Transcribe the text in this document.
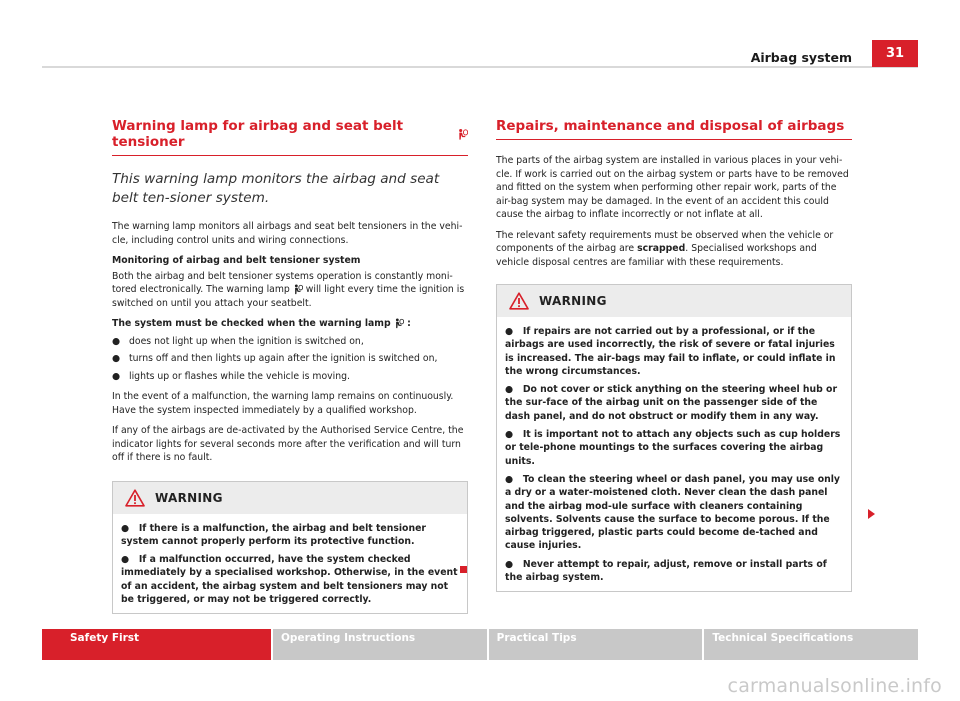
Airbag system	31
Warning lamp for airbag and seat belt tensioner

This warning lamp monitors the airbag and seat belt ten-sioner system.

The warning lamp monitors all airbags and seat belt tensioners in the vehi-cle, including control units and wiring connections.

Monitoring of airbag and belt tensioner system

Both the airbag and belt tensioner systems operation is constantly moni-tored electronically. The warning lamp will light every time the ignition is switched on until you attach your seatbelt.

The system must be checked when the warning lamp :

● does not light up when the ignition is switched on,
● turns off and then lights up again after the ignition is switched on,
● lights up or flashes while the vehicle is moving.

In the event of a malfunction, the warning lamp remains on continuously. Have the system inspected immediately by a qualified workshop.

If any of the airbags are de-activated by the Authorised Service Centre, the indicator lights for several seconds more after the verification and will turn off if there is no fault.

WARNING
● If there is a malfunction, the airbag and belt tensioner system cannot properly perform its protective function.
● If a malfunction occurred, have the system checked immediately by a specialised workshop. Otherwise, in the event of an accident, the airbag system and belt tensioners may not be triggered, or may not be triggered correctly.
Repairs, maintenance and disposal of airbags

The parts of the airbag system are installed in various places in your vehi-cle. If work is carried out on the airbag system or parts have to be removed and fitted on the system when performing other repair work, parts of the air-bag system may be damaged. In the event of an accident this could cause the airbag to inflate incorrectly or not inflate at all.

The relevant safety requirements must be observed when the vehicle or components of the airbag are scrapped. Specialised workshops and vehicle disposal centres are familiar with these requirements.

WARNING
● If repairs are not carried out by a professional, or if the airbags are used incorrectly, the risk of severe or fatal injuries is increased. The air-bags may fail to inflate, or could inflate in the wrong circumstances.
● Do not cover or stick anything on the steering wheel hub or the sur-face of the airbag unit on the passenger side of the dash panel, and do not obstruct or modify them in any way.
● It is important not to attach any objects such as cup holders or tele-phone mountings to the surfaces covering the airbag units.
● To clean the steering wheel or dash panel, you may use only a dry or a water-moistened cloth. Never clean the dash panel and the airbag mod-ule surface with cleaners containing solvents. Solvents cause the surface to become porous. If the airbag triggered, plastic parts could become de-tached and cause injuries.
● Never attempt to repair, adjust, remove or install parts of the airbag system.
Safety First	Operating Instructions	Practical Tips	Technical Specifications
carmanualsonline.info
